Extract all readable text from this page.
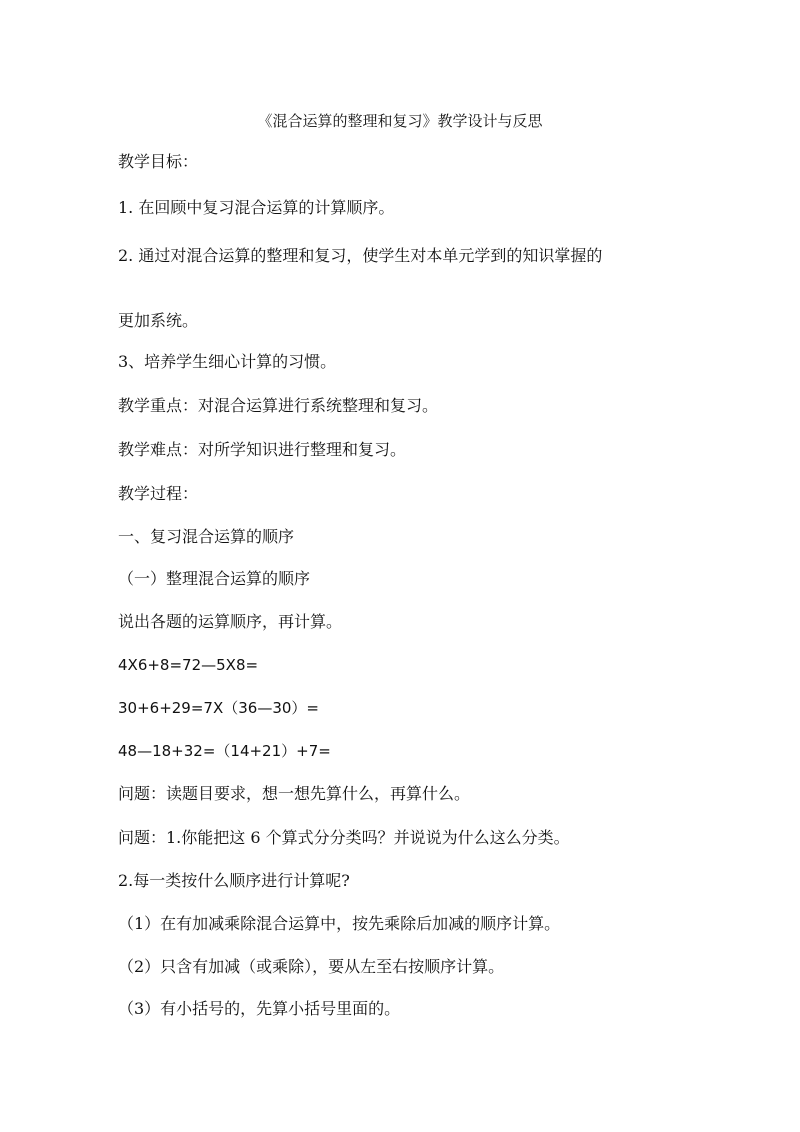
《混合运算的整理和复习》教学设计与反思
教学目标：
1. 在回顾中复习混合运算的计算顺序。
2. 通过对混合运算的整理和复习，使学生对本单元学到的知识掌握的
更加系统。
3、培养学生细心计算的习惯。
教学重点：对混合运算进行系统整理和复习。
教学难点：对所学知识进行整理和复习。
教学过程：
一、复习混合运算的顺序
（一）整理混合运算的顺序
说出各题的运算顺序，再计算。
4X6+8=72—5X8=
30+6+29=7X（36—30）=
48—18+32=（14+21）+7=
问题：读题目要求，想一想先算什么，再算什么。
问题：1.你能把这 6 个算式分分类吗？并说说为什么这么分类。
2.每一类按什么顺序进行计算呢?
（1）在有加减乘除混合运算中，按先乘除后加减的顺序计算。
（2）只含有加减（或乘除），要从左至右按顺序计算。
（3）有小括号的，先算小括号里面的。
